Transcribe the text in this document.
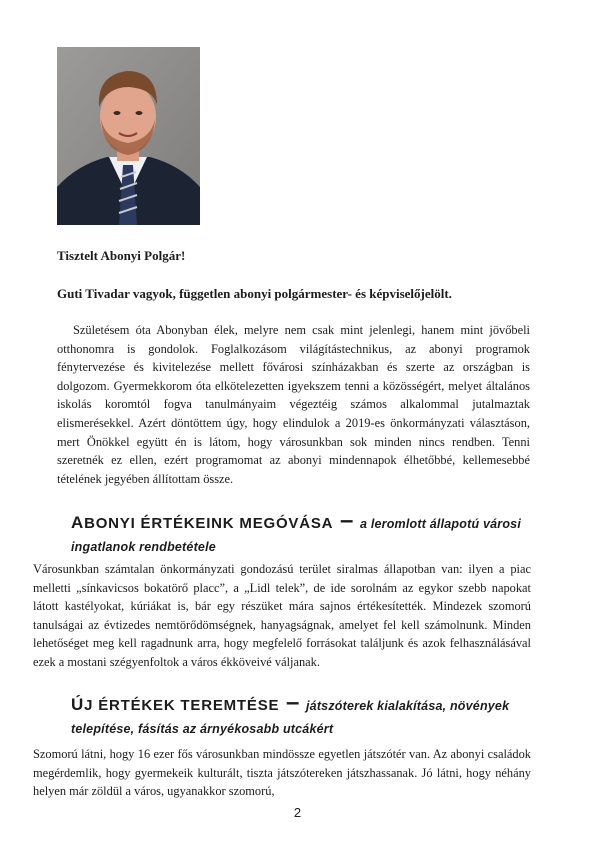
Tisztelt Abonyi Polgár!

Guti Tivadar vagyok, független abonyi polgármester- és képviselőjelölt.

Születésem óta Abonyban élek, melyre nem csak mint jelenlegi, hanem mint jövőbeli otthonomra is gondolok. Foglalkozásom világítástechnikus, az abonyi programok fénytervezése és kivitelezése mellett fővárosi színházakban és szerte az országban is dolgozom. Gyermekkorom óta elkötelezetten igyekszem tenni a közösségért, melyet általános iskolás koromtól fogva tanulmányaim végeztéig számos alkalommal jutalmaztak elismerésekkel. Azért döntöttem úgy, hogy elindulok a 2019-es önkormányzati választáson, mert Önökkel együtt én is látom, hogy városunkban sok minden nincs rendben. Tenni szeretnék ez ellen, ezért programomat az abonyi mindennapok élhetőbbé, kellemesebbé tételének jegyében állítottam össze.

ABONYI ÉRTÉKEINK MEGÓVÁSA – a leromlott állapotú városi ingatlanok rendbetétele

Városunkban számtalan önkormányzati gondozású terület siralmas állapotban van: ilyen a piac melletti „sínkavicsos bokatörő placc”, a „Lidl telek”, de ide sorolnám az egykor szebb napokat látott kastélyokat, kúriákat is, bár egy részüket mára sajnos értékesítették. Mindezek szomorú tanulságai az évtizedes nemtörődömségnek, hanyagságnak, amelyet fel kell számolnunk. Minden lehetőséget meg kell ragadnunk arra, hogy megfelelő forrásokat találjunk és azok felhasználásával ezek a mostani szégyenfoltok a város ékköveivé váljanak.

ÚJ ÉRTÉKEK TEREMTÉSE – játszóterek kialakítása, növények telepítése, fásítás az árnyékosabb utcákért

Szomorú látni, hogy 16 ezer fős városunkban mindössze egyetlen játszótér van. Az abonyi családok megérdemlik, hogy gyermekeik kulturált, tiszta játszótereken játszhassanak. Jó látni, hogy néhány helyen már zöldül a város, ugyanakkor szomorú,

2
